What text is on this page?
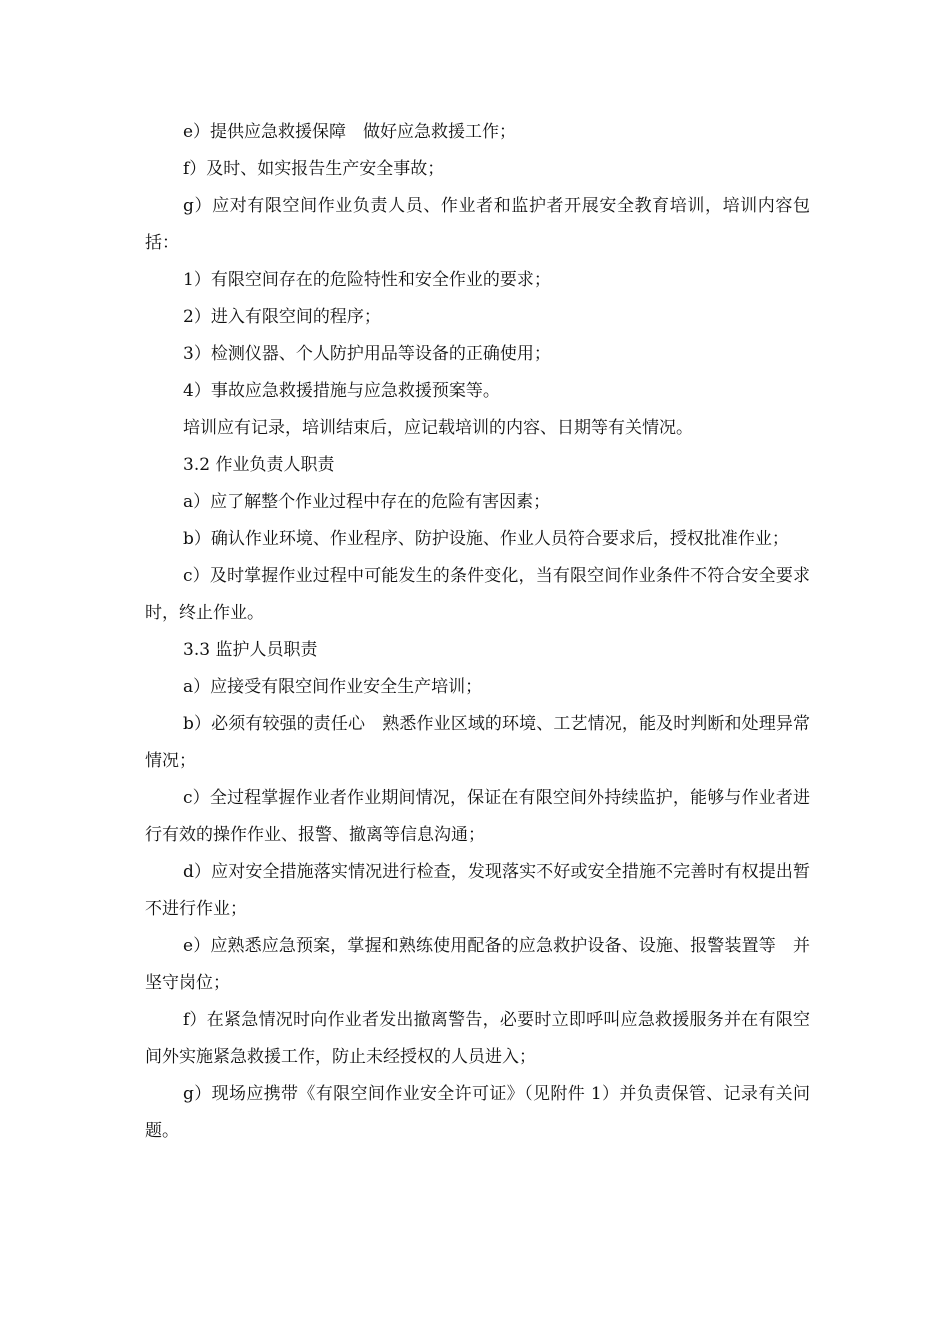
e）提供应急救援保障　做好应急救援工作；

f）及时、如实报告生产安全事故；

g）应对有限空间作业负责人员、作业者和监护者开展安全教育培训，培训内容包括：

1）有限空间存在的危险特性和安全作业的要求；

2）进入有限空间的程序；

3）检测仪器、个人防护用品等设备的正确使用；

4）事故应急救援措施与应急救援预案等。

培训应有记录，培训结束后，应记载培训的内容、日期等有关情况。

3.2 作业负责人职责

a）应了解整个作业过程中存在的危险有害因素；

b）确认作业环境、作业程序、防护设施、作业人员符合要求后，授权批准作业；

c）及时掌握作业过程中可能发生的条件变化，当有限空间作业条件不符合安全要求时，终止作业。

3.3 监护人员职责

a）应接受有限空间作业安全生产培训；

b）必须有较强的责任心　熟悉作业区域的环境、工艺情况，能及时判断和处理异常情况；

c）全过程掌握作业者作业期间情况，保证在有限空间外持续监护，能够与作业者进行有效的操作作业、报警、撤离等信息沟通；

d）应对安全措施落实情况进行检查，发现落实不好或安全措施不完善时有权提出暂不进行作业；

e）应熟悉应急预案，掌握和熟练使用配备的应急救护设备、设施、报警装置等　并坚守岗位；

f）在紧急情况时向作业者发出撤离警告，必要时立即呼叫应急救援服务并在有限空间外实施紧急救援工作，防止未经授权的人员进入；

g）现场应携带《有限空间作业安全许可证》（见附件 1）并负责保管、记录有关问题。
